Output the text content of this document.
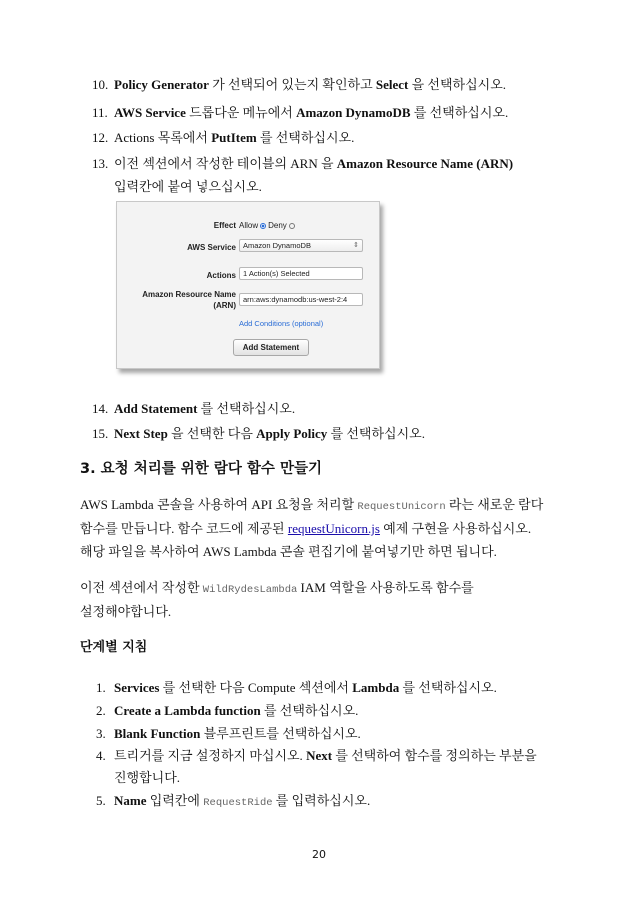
10. Policy Generator 가 선택되어 있는지 확인하고 Select 을 선택하십시오.
11. AWS Service 드롭다운 메뉴에서 Amazon DynamoDB 를 선택하십시오.
12. Actions 목록에서 PutItem 를 선택하십시오.
13. 이전 섹션에서 작성한 테이블의 ARN 을 Amazon Resource Name (ARN)
입력칸에 붙여 넣으십시오.
Effect Allow Deny
AWS Service Amazon DynamoDB	⇕
Actions 1 Action(s) Selected
Amazon Resource Name
(ARN)
arn:aws:dynamodb:us-west-2:4
Add Conditions (optional)
Add Statement
14. Add Statement 를 선택하십시오.
15. Next Step 을 선택한 다음 Apply Policy 를 선택하십시오.
3. 요청 처리를 위한 람다 함수 만들기
AWS Lambda 콘솔을 사용하여 API 요청을 처리할 RequestUnicorn 라는 새로운 람다
함수를 만듭니다. 함수 코드에 제공된 requestUnicorn.js 예제 구현을 사용하십시오.
해당 파일을 복사하여 AWS Lambda 콘솔 편집기에 붙여넣기만 하면 됩니다.
이전 섹션에서 작성한 WildRydesLambda IAM 역할을 사용하도록 함수를
설정해야합니다.
단계별 지침
1. Services 를 선택한 다음 Compute 섹션에서 Lambda 를 선택하십시오.
2. Create a Lambda function 를 선택하십시오.
3. Blank Function 블루프린트를 선택하십시오.
4. 트리거를 지금 설정하지 마십시오. Next 를 선택하여 함수를 정의하는 부분을
진행합니다.
5. Name 입력칸에 RequestRide 를 입력하십시오.
20
